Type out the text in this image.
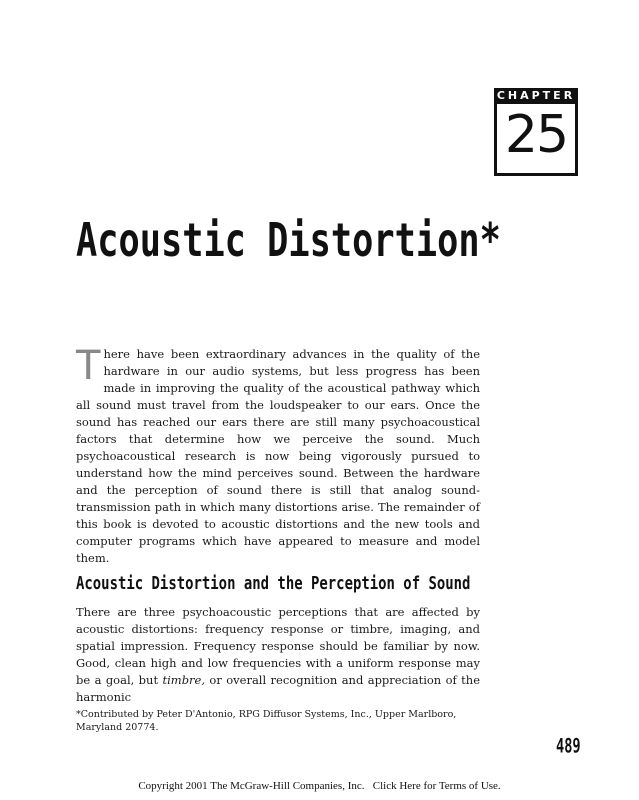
CHAPTER
25
Acoustic Distortion*

There have been extraordinary advances in the quality of the hardware in our audio systems, but less progress has been made in improving the quality of the acoustical pathway which all sound must travel from the loudspeaker to our ears. Once the sound has reached our ears there are still many psychoacoustical factors that determine how we perceive the sound. Much psychoacoustical research is now being vigorously pursued to understand how the mind perceives sound. Between the hardware and the perception of sound there is still that analog sound-transmission path in which many distortions arise. The remainder of this book is devoted to acoustic distortions and the new tools and computer programs which have appeared to measure and model them.

Acoustic Distortion and the Perception of Sound

There are three psychoacoustic perceptions that are affected by acoustic distortions: frequency response or timbre, imaging, and spatial impression. Frequency response should be familiar by now. Good, clean high and low frequencies with a uniform response may be a goal, but timbre, or overall recognition and appreciation of the harmonic

*Contributed by Peter D'Antonio, RPG Diffusor Systems, Inc., Upper Marlboro, Maryland 20774.

489

Copyright 2001 The McGraw-Hill Companies, Inc. Click Here for Terms of Use.
